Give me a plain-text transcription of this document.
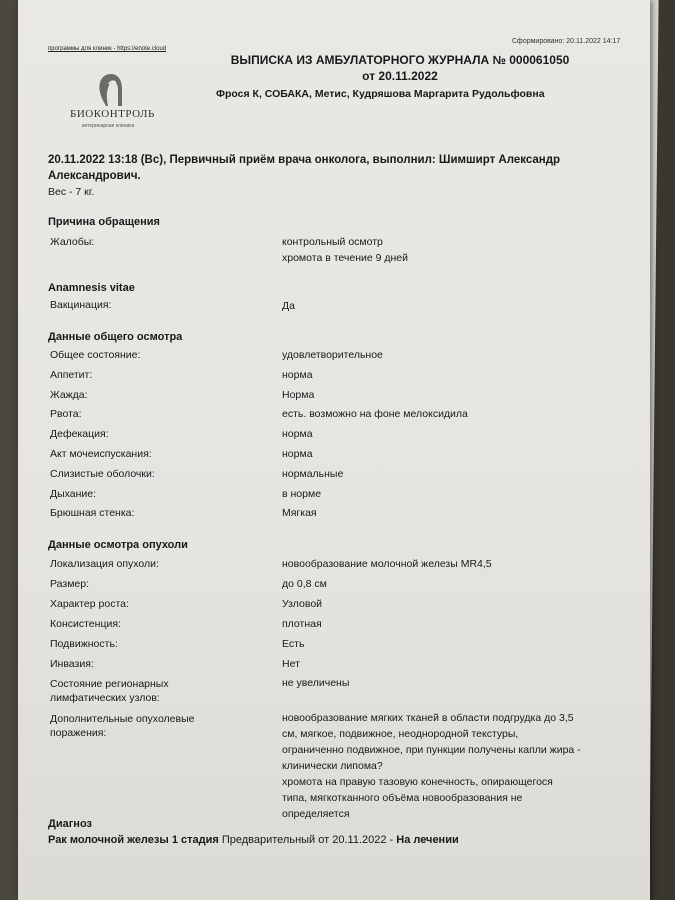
программы для клиник - https://enote.cloud
Сформировано: 20.11.2022 14:17
БИОКОНТРОЛЬ
ветеринарная клиника
ВЫПИСКА ИЗ АМБУЛАТОРНОГО ЖУРНАЛА № 000061050
от 20.11.2022
Фрося К, СОБАКА, Метис, Кудряшова Маргарита Рудольфовна
20.11.2022 13:18 (Вс), Первичный приём врача онколога, выполнил: Шимширт Александр
Александрович.
Вес - 7 кг.
Причина обращения
Жалобы:	контрольный осмотр
хромота в течение 9 дней
Anamnesis vitae
Вакцинация:	Да
Данные общего осмотра
Общее состояние:	удовлетворительное
Аппетит:	норма
Жажда:	Норма
Рвота:	есть. возможно на фоне мелоксидила
Дефекация:	норма
Акт мочеиспускания:	норма
Слизистые оболочки:	нормальные
Дыхание:	в норме
Брюшная стенка:	Мягкая
Данные осмотра опухоли
Локализация опухоли:	новообразование молочной железы MR4,5
Размер:	до 0,8 см
Характер роста:	Узловой
Консистенция:	плотная
Подвижность:	Есть
Инвазия:	Нет
Состояние регионарных
лимфатических узлов:
не увеличены
Дополнительные опухолевые
поражения:
новообразование мягких тканей в области подгрудка до 3,5
см, мягкое, подвижное, неоднородной текстуры,
ограниченно подвижное, при пункции получены капли жира -
клинически липома?
хромота на правую тазовую конечность, опирающегося
типа, мягкотканного объёма новообразования не
определяется
Диагноз
Рак молочной железы 1 стадия Предварительный от 20.11.2022 - На лечении
